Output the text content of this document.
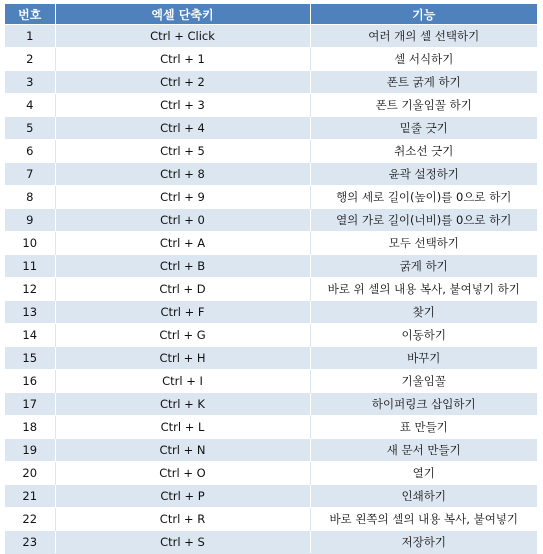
번호	엑셀 단축키	기능
1	Ctrl + Click	여러 개의 셀 선택하기
2	Ctrl + 1	셀 서식하기
3	Ctrl + 2	폰트 굵게 하기
4	Ctrl + 3	폰트 기울임꼴 하기
5	Ctrl + 4	밑줄 긋기
6	Ctrl + 5	취소선 긋기
7	Ctrl + 8	윤곽 설정하기
8	Ctrl + 9	행의 세로 길이(높이)를 0으로 하기
9	Ctrl + 0	열의 가로 길이(너비)를 0으로 하기
10	Ctrl + A	모두 선택하기
11	Ctrl + B	굵게 하기
12	Ctrl + D	바로 위 셀의 내용 복사, 붙여넣기 하기
13	Ctrl + F	찾기
14	Ctrl + G	이동하기
15	Ctrl + H	바꾸기
16	Ctrl + I	기울임꼴
17	Ctrl + K	하이퍼링크 삽입하기
18	Ctrl + L	표 만들기
19	Ctrl + N	새 문서 만들기
20	Ctrl + O	열기
21	Ctrl + P	인쇄하기
22	Ctrl + R	바로 왼쪽의 셀의 내용 복사, 붙여넣기
23	Ctrl + S	저장하기
